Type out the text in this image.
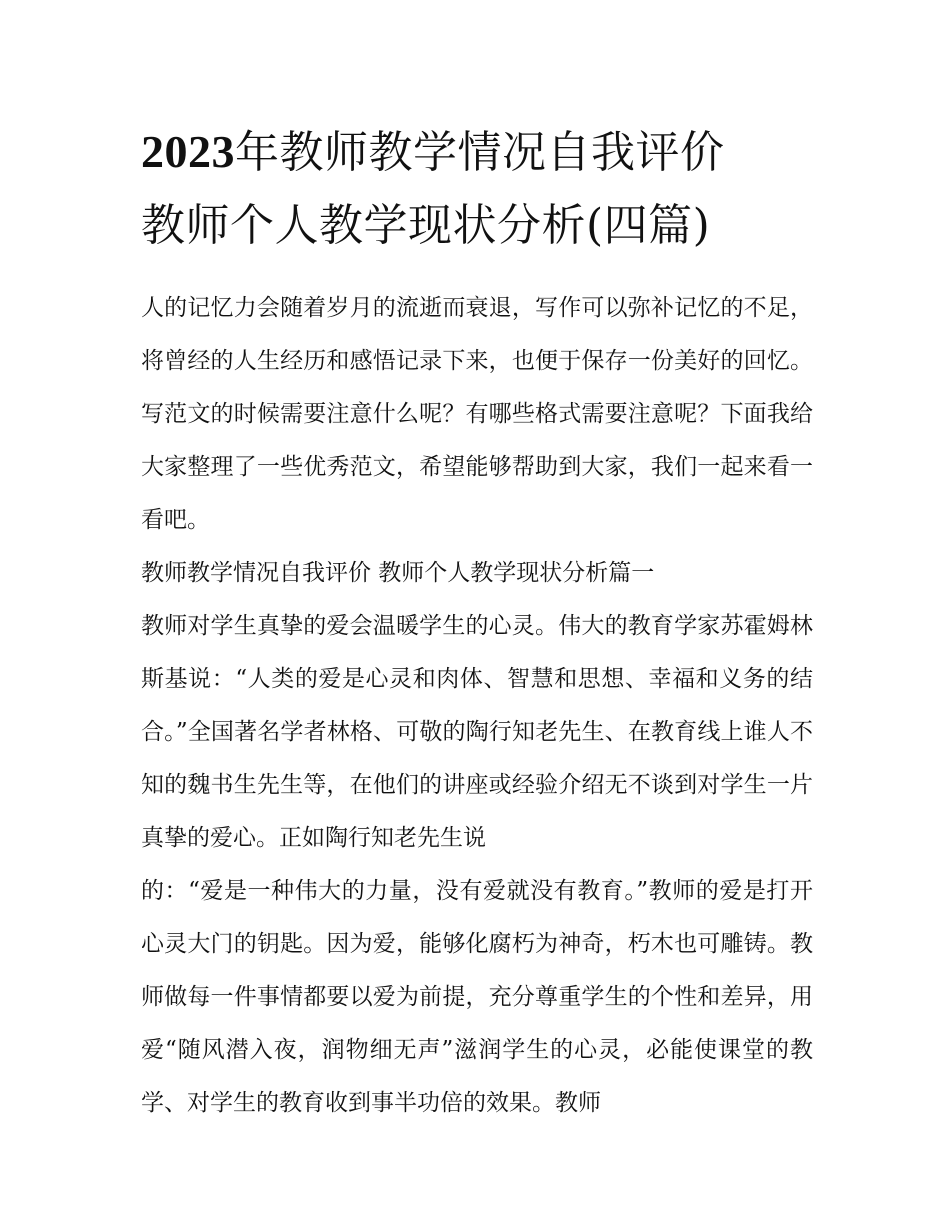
2023年教师教学情况自我评价
教师个人教学现状分析(四篇)

人的记忆力会随着岁月的流逝而衰退，写作可以弥补记忆的不足，将曾经的人生经历和感悟记录下来，也便于保存一份美好的回忆。写范文的时候需要注意什么呢？有哪些格式需要注意呢？下面我给大家整理了一些优秀范文，希望能够帮助到大家，我们一起来看一看吧。

教师教学情况自我评价 教师个人教学现状分析篇一

教师对学生真挚的爱会温暖学生的心灵。伟大的教育学家苏霍姆林斯基说：“人类的爱是心灵和肉体、智慧和思想、幸福和义务的结合。”全国著名学者林格、可敬的陶行知老先生、在教育线上谁人不知的魏书生先生等，在他们的讲座或经验介绍无不谈到对学生一片真挚的爱心。正如陶行知老先生说

的：“爱是一种伟大的力量，没有爱就没有教育。”教师的爱是打开心灵大门的钥匙。因为爱，能够化腐朽为神奇，朽木也可雕铸。教师做每一件事情都要以爱为前提，充分尊重学生的个性和差异，用爱“随风潜入夜，润物细无声”滋润学生的心灵，必能使课堂的教学、对学生的教育收到事半功倍的效果。教师
